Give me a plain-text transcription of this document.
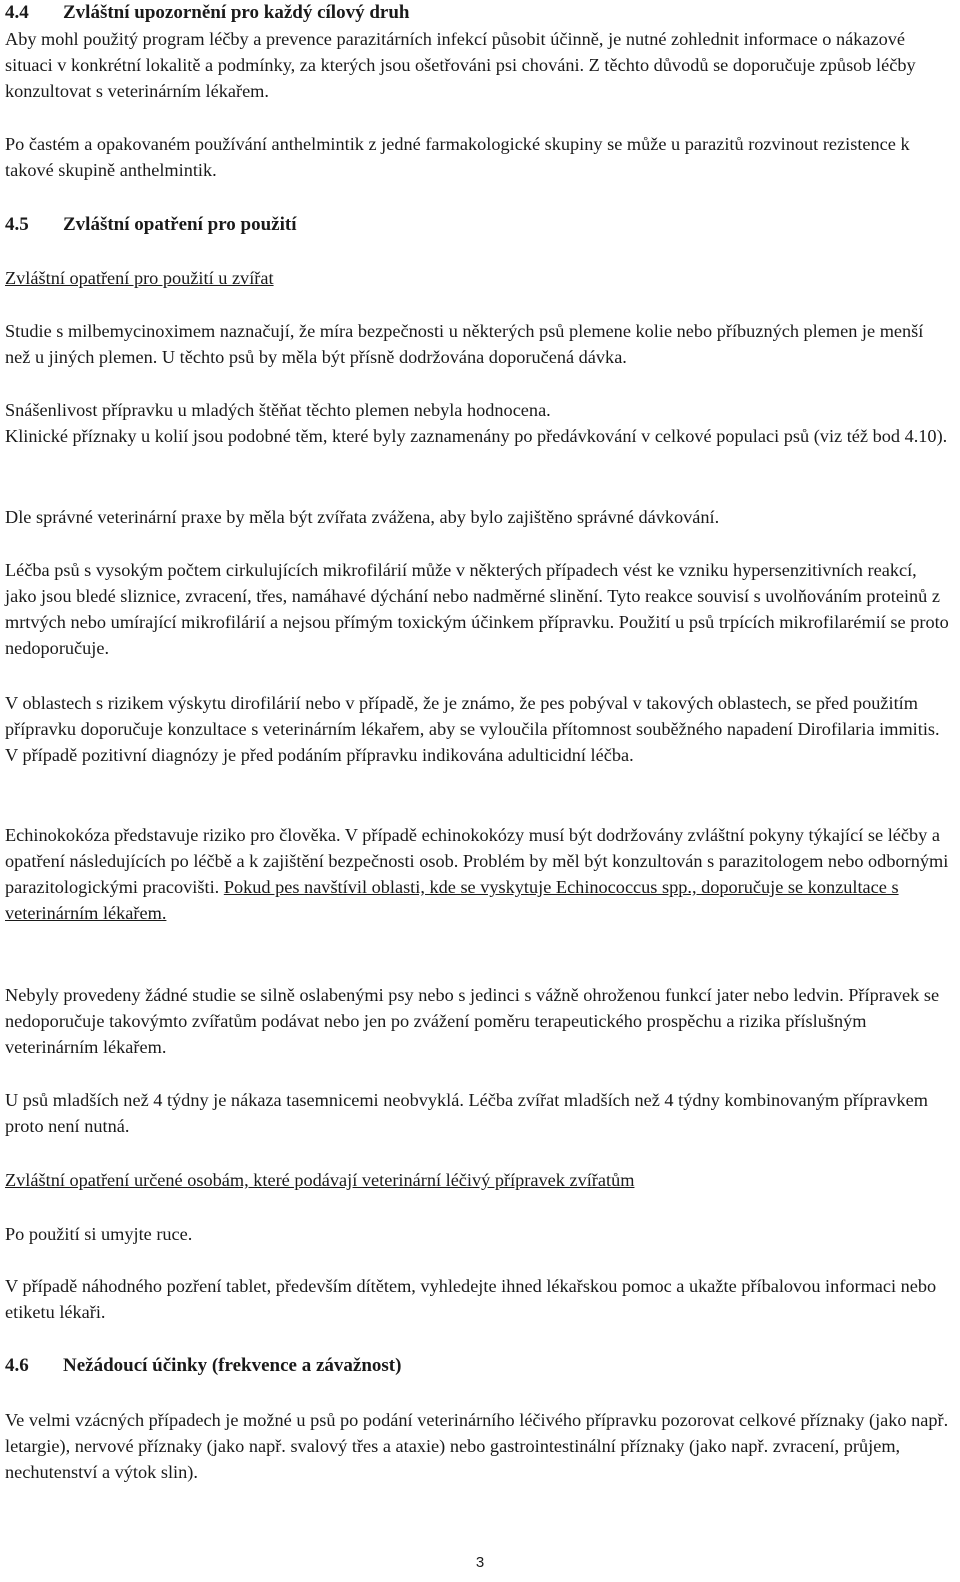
4.4 Zvláštní upozornění pro každý cílový druh

Aby mohl použitý program léčby a prevence parazitárních infekcí působit účinně, je nutné zohlednit informace o nákazové situaci v konkrétní lokalitě a podmínky, za kterých jsou ošetřováni psi chováni. Z těchto důvodů se doporučuje způsob léčby konzultovat s veterinárním lékařem.

Po častém a opakovaném používání anthelmintik z jedné farmakologické skupiny se může u parazitů rozvinout rezistence k takové skupině anthelmintik.

4.5 Zvláštní opatření pro použití

Zvláštní opatření pro použití u zvířat

Studie s milbemycinoximem naznačují, že míra bezpečnosti u některých psů plemene kolie nebo příbuzných plemen je menší než u jiných plemen. U těchto psů by měla být přísně dodržována doporučená dávka.

Snášenlivost přípravku u mladých štěňat těchto plemen nebyla hodnocena.

Klinické příznaky u kolií jsou podobné těm, které byly zaznamenány po předávkování v celkové populaci psů (viz též bod 4.10).

Dle správné veterinární praxe by měla být zvířata zvážena, aby bylo zajištěno správné dávkování.

Léčba psů s vysokým počtem cirkulujících mikrofilárií může v některých případech vést ke vzniku hypersenzitivních reakcí, jako jsou bledé sliznice, zvracení, třes, namáhavé dýchání nebo nadměrné slinění. Tyto reakce souvisí s uvolňováním proteinů z mrtvých nebo umírající mikrofilárií a nejsou přímým toxickým účinkem přípravku. Použití u psů trpících mikrofilarémií se proto nedoporučuje.

V oblastech s rizikem výskytu dirofilárií nebo v případě, že je známo, že pes pobýval v takových oblastech, se před použitím přípravku doporučuje konzultace s veterinárním lékařem, aby se vyloučila přítomnost souběžného napadení Dirofilaria immitis. V případě pozitivní diagnózy je před podáním přípravku indikována adulticidní léčba.

Echinokokóza představuje riziko pro člověka. V případě echinokokózy musí být dodržovány zvláštní pokyny týkající se léčby a opatření následujících po léčbě a k zajištění bezpečnosti osob. Problém by měl být konzultován s parazitologem nebo odbornými parazitologickými pracovišti. Pokud pes navštívil oblasti, kde se vyskytuje Echinococcus spp., doporučuje se konzultace s veterinárním lékařem.

Nebyly provedeny žádné studie se silně oslabenými psy nebo s jedinci s vážně ohroženou funkcí jater nebo ledvin. Přípravek se nedoporučuje takovýmto zvířatům podávat nebo jen po zvážení poměru terapeutického prospěchu a rizika příslušným veterinárním lékařem.

U psů mladších než 4 týdny je nákaza tasemnicemi neobvyklá. Léčba zvířat mladších než 4 týdny kombinovaným přípravkem proto není nutná.

Zvláštní opatření určené osobám, které podávají veterinární léčivý přípravek zvířatům

Po použití si umyjte ruce.

V případě náhodného pozření tablet, především dítětem, vyhledejte ihned lékařskou pomoc a ukažte příbalovou informaci nebo etiketu lékaři.

4.6 Nežádoucí účinky (frekvence a závažnost)

Ve velmi vzácných případech je možné u psů po podání veterinárního léčivého přípravku pozorovat celkové příznaky (jako např. letargie), nervové příznaky (jako např. svalový třes a ataxie) nebo gastrointestinální příznaky (jako např. zvracení, průjem, nechutenství a výtok slin).

3
